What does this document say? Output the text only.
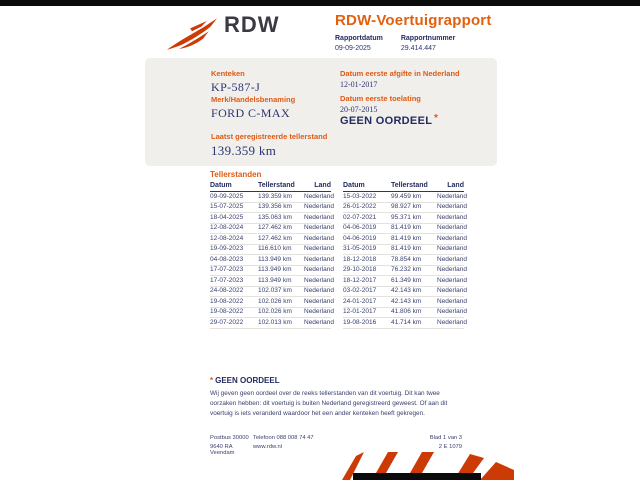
RDW	RDW-Voertuigrapport
Rapportdatum
09-09-2025
Rapportnummer
29.414.447
Kenteken
KP-587-J
Merk/Handelsbenaming
FORD C-MAX
Laatst geregistreerde tellerstand
139.359 km
Datum eerste afgifte in Nederland
12-01-2017
Datum eerste toelating
20-07-2015
GEEN OORDEEL *
Tellerstanden
Datum	Tellerstand	Land
09-09-2025	139.359 km	Nederland
15-07-2025	139.356 km	Nederland
18-04-2025	135.063 km	Nederland
12-08-2024	127.462 km	Nederland
12-08-2024	127.462 km	Nederland
19-09-2023	116.610 km	Nederland
04-08-2023	113.949 km	Nederland
17-07-2023	113.949 km	Nederland
17-07-2023	113.949 km	Nederland
24-08-2022	102.037 km	Nederland
19-08-2022	102.026 km	Nederland
19-08-2022	102.026 km	Nederland
29-07-2022	102.013 km	Nederland
Datum	Tellerstand	Land
15-03-2022	99.459 km	Nederland
26-01-2022	98.927 km	Nederland
02-07-2021	95.371 km	Nederland
04-06-2019	81.419 km	Nederland
04-06-2019	81.419 km	Nederland
31-05-2019	81.419 km	Nederland
18-12-2018	78.854 km	Nederland
29-10-2018	76.232 km	Nederland
18-12-2017	61.349 km	Nederland
03-02-2017	42.143 km	Nederland
24-01-2017	42.143 km	Nederland
12-01-2017	41.806 km	Nederland
19-08-2016	41.714 km	Nederland
* GEEN OORDEEL

Wij geven geen oordeel over de reeks tellerstanden van dit voertuig. Dit kan twee oorzaken hebben: dit voertuig is buiten Nederland geregistreerd geweest. Of aan dit voertuig is iets veranderd waardoor het een ander kenteken heeft gekregen.

Postbus 30000
9640 RA Veendam
Telefoon 088 008 74 47
www.rdw.nl
Blad 1 van 3
2 E 1079
